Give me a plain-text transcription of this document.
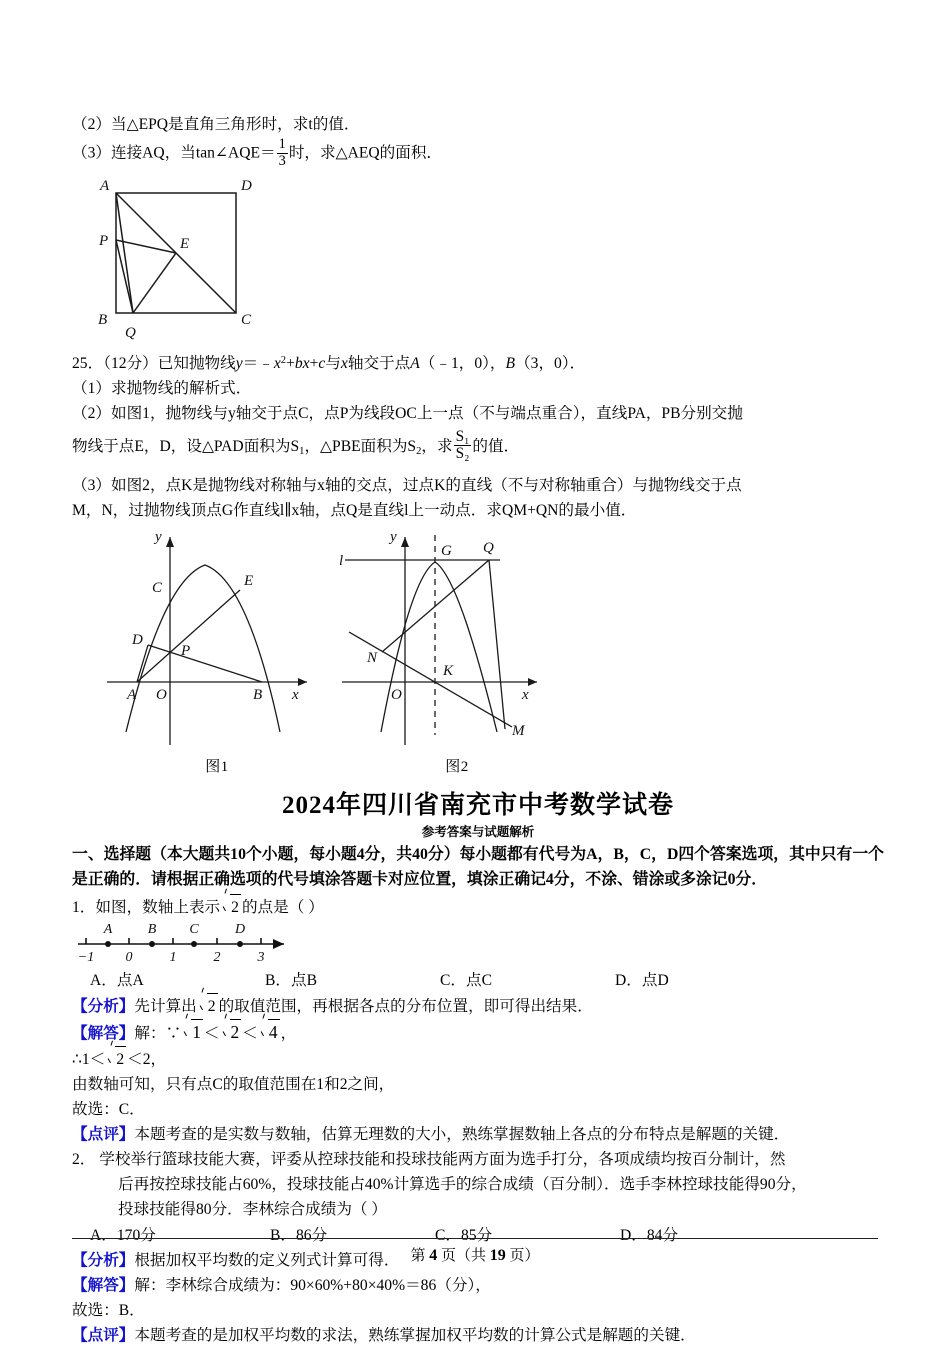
（2）当△EPQ是直角三角形时，求t的值．

（3）连接AQ，当tan∠AQE＝ $\frac{1}{3}$ 时，求△AEQ的面积．

A	D
P	E
B
Q
C

25．（12分）已知抛物线$y=﹣x^2+bx+c$与x轴交于点A（﹣1，0），B（3，0）．

（1）求抛物线的解析式．

（2）如图1，抛物线与y轴交于点C，点P为线段OC上一点（不与端点重合），直线PA，PB分别交抛

物线于点E，D，设△PAD面积为S1，△PBE面积为S2，求 $\frac{\text{S₁}}{\text{S₂}}$ 的值．

（3）如图2，点K是抛物线对称轴与x轴的交点，过点K的直线（不与对称轴重合）与抛物线交于点

M，N，过抛物线顶点G作直线l∥x轴，点Q是直线l上一动点．求QM+QN的最小值．

C	E
D
P
A O	B x
y
G Q
N
K
O
M
x
y
l
图1	图2
2024年四川省南充市中考数学试卷
参考答案与试题解析
一、选择题（本大题共10个小题，每小题4分，共40分）每小题都有代号为A，B，C，D四个答案选项，其中只有一个是正确的．请根据正确选项的代号填涂答题卡对应位置，填涂正确记4分，不涂、错涂或多涂记0分．

1．如图，数轴上表示 2 的点是（ ）

A	B C	D
−1 0	1	2	3

A．点A	B．点B	C．点C	D．点D

【分析】先计算出 2 的取值范围，再根据各点的分布位置，即可得出结果．

【解答】解：∵ 1 ＜ 2 ＜ 4 ，

∴1＜ 2 ＜2，

由数轴可知，只有点C的取值范围在1和2之间，

故选：C．

【点评】本题考查的是实数与数轴，估算无理数的大小，熟练掌握数轴上各点的分布特点是解题的关键．

2． 学校举行篮球技能大赛，评委从控球技能和投球技能两方面为选手打分，各项成绩均按百分制计，然

后再按控球技能占60%，投球技能占40%计算选手的综合成绩（百分制）．选手李林控球技能得90分，

投球技能得80分．李林综合成绩为（ ）

A．170分	B．86分	C．85分	D．84分

【分析】根据加权平均数的定义列式计算可得．

【解答】解：李林综合成绩为：90×60%+80×40%＝86（分），

故选：B．

【点评】本题考查的是加权平均数的求法，熟练掌握加权平均数的计算公式是解题的关键．

第 4 页（共 19 页）
